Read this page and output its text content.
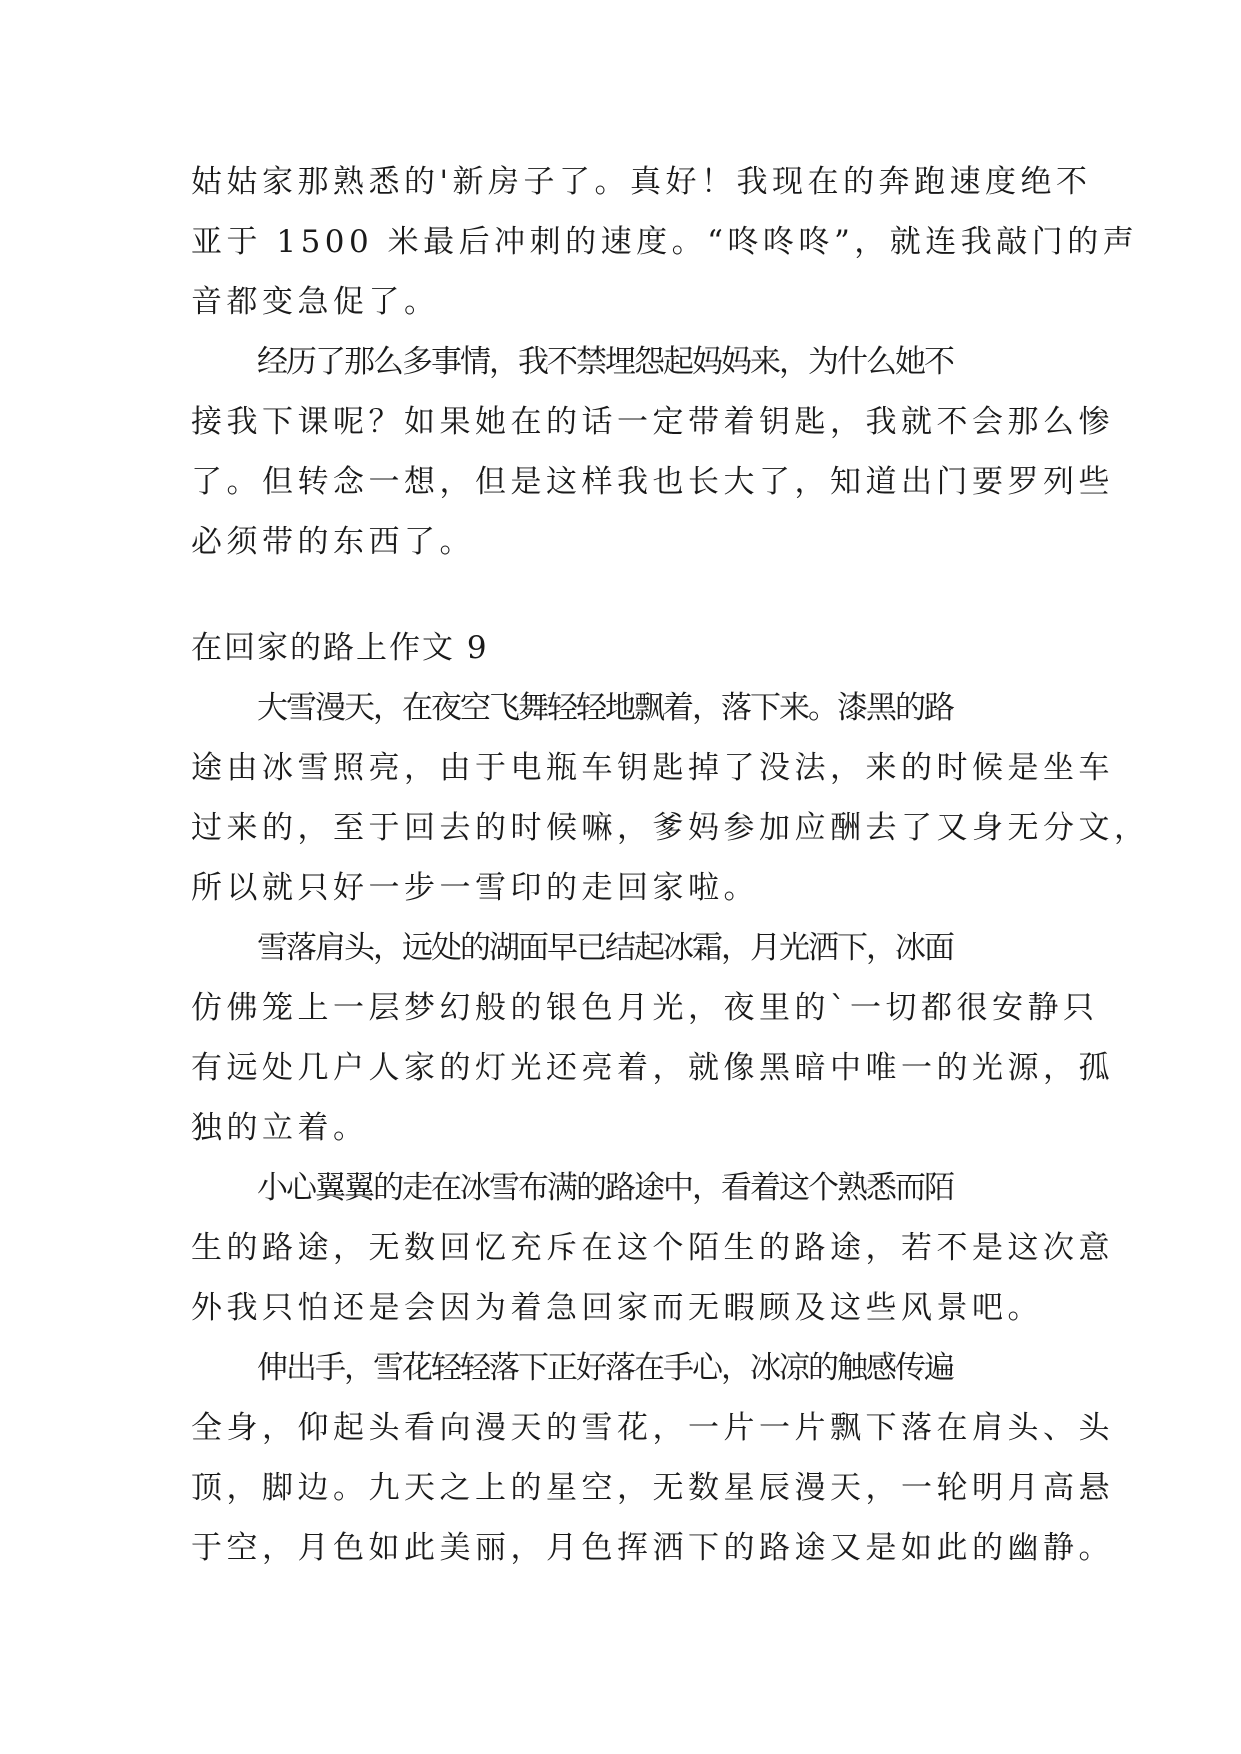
姑姑家那熟悉的'新房子了。真好！我现在的奔跑速度绝不
亚于 1500 米最后冲刺的速度。“咚咚咚”，就连我敲门的声
音都变急促了。
经历了那么多事情，我不禁埋怨起妈妈来，为什么她不
接我下课呢？如果她在的话一定带着钥匙，我就不会那么惨
了。但转念一想，但是这样我也长大了，知道出门要罗列些
必须带的东西了。
在回家的路上作文 9
大雪漫天，在夜空飞舞轻轻地飘着，落下来。漆黑的路
途由冰雪照亮，由于电瓶车钥匙掉了没法，来的时候是坐车
过来的，至于回去的时候嘛，爹妈参加应酬去了又身无分文，
所以就只好一步一雪印的走回家啦。
雪落肩头，远处的湖面早已结起冰霜，月光洒下，冰面
仿佛笼上一层梦幻般的银色月光，夜里的`一切都很安静只
有远处几户人家的灯光还亮着，就像黑暗中唯一的光源，孤
独的立着。
小心翼翼的走在冰雪布满的路途中，看着这个熟悉而陌
生的路途，无数回忆充斥在这个陌生的路途，若不是这次意
外我只怕还是会因为着急回家而无暇顾及这些风景吧。
伸出手，雪花轻轻落下正好落在手心，冰凉的触感传遍
全身，仰起头看向漫天的雪花，一片一片飘下落在肩头、头
顶，脚边。九天之上的星空，无数星辰漫天，一轮明月高悬
于空，月色如此美丽，月色挥洒下的路途又是如此的幽静。
